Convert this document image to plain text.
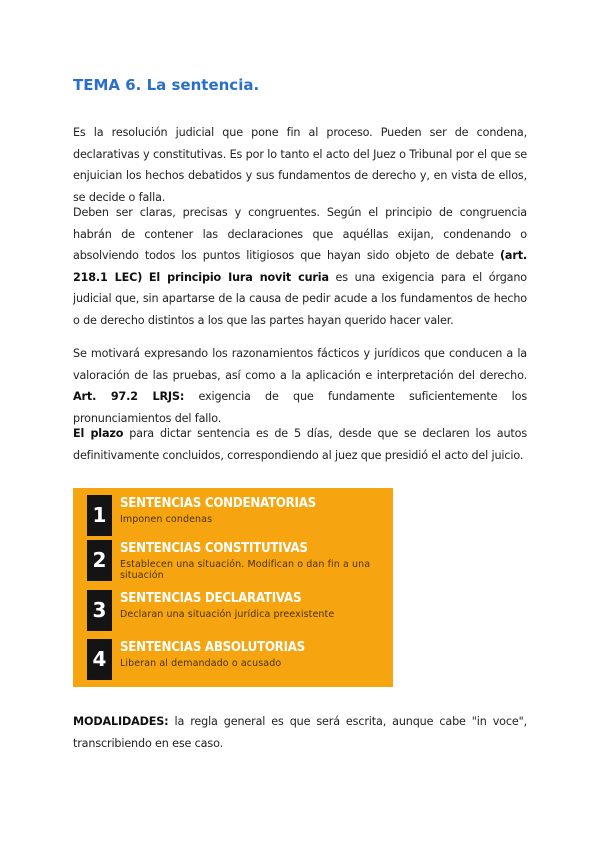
TEMA 6. La sentencia.

Es la resolución judicial que pone fin al proceso. Pueden ser de condena, declarativas y constitutivas. Es por lo tanto el acto del Juez o Tribunal por el que se enjuician los hechos debatidos y sus fundamentos de derecho y, en vista de ellos, se decide o falla.

Deben ser claras, precisas y congruentes. Según el principio de congruencia habrán de contener las declaraciones que aquéllas exijan, condenando o absolviendo todos los puntos litigiosos que hayan sido objeto de debate (art. 218.1 LEC) El principio Iura novit curia es una exigencia para el órgano judicial que, sin apartarse de la causa de pedir acude a los fundamentos de hecho o de derecho distintos a los que las partes hayan querido hacer valer.

Se motivará expresando los razonamientos fácticos y jurídicos que conducen a la valoración de las pruebas, así como a la aplicación e interpretación del derecho. Art. 97.2 LRJS: exigencia de que fundamente suficientemente los pronunciamientos del fallo.

El plazo para dictar sentencia es de 5 días, desde que se declaren los autos definitivamente concluidos, correspondiendo al juez que presidió el acto del juicio.

1	SENTENCIAS CONDENATORIAS
Imponen condenas
2	SENTENCIAS CONSTITUTIVAS
Establecen una situación. Modifican o dan fin a una situación
3	SENTENCIAS DECLARATIVAS
Declaran una situación jurídica preexistente
4	SENTENCIAS ABSOLUTORIAS
Liberan al demandado o acusado

MODALIDADES: la regla general es que será escrita, aunque cabe "in voce", transcribiendo en ese caso.
